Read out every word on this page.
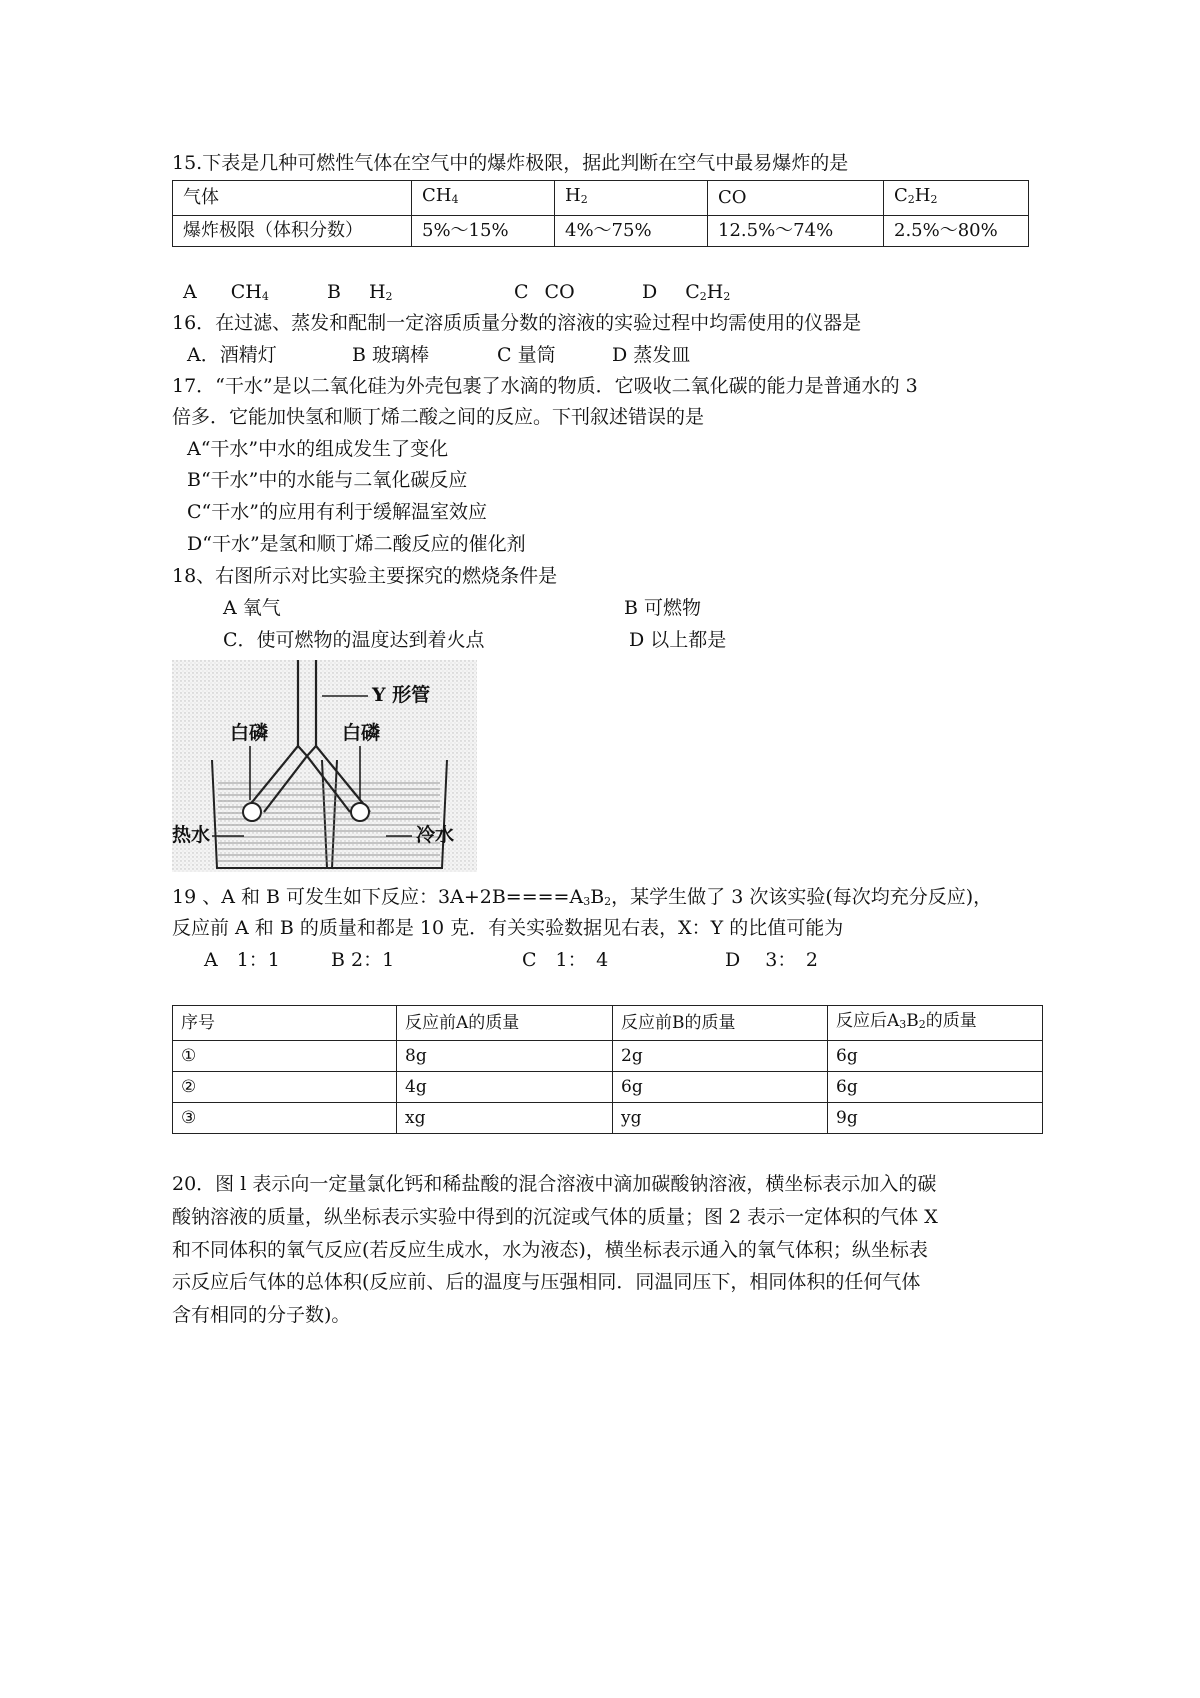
15.下表是几种可燃性气体在空气中的爆炸极限，据此判断在空气中最易爆炸的是
气体	$CH_4$	$H_2$	CO	$C_2H_2$
爆炸极限（体积分数）	5%～15%	4%～75%	12.5%～74%	2.5%～80%
A $CH_4$	B $H_2$	C CO	D $C_2H_2$
16．在过滤、蒸发和配制一定溶质质量分数的溶液的实验过程中均需使用的仪器是
A．酒精灯	B 玻璃棒	C 量筒	D 蒸发皿
17．“干水”是以二氧化硅为外壳包裹了水滴的物质．它吸收二氧化碳的能力是普通水的 3
倍多．它能加快氢和顺丁烯二酸之间的反应。下刊叙述错误的是
A“干水”中水的组成发生了变化
B“干水”中的水能与二氧化碳反应
C“干水”的应用有利于缓解温室效应
D“干水”是氢和顺丁烯二酸反应的催化剂
18、右图所示对比实验主要探究的燃烧条件是
A 氧气	B 可燃物
C．使可燃物的温度达到着火点	D 以上都是
Y 形管
白磷	白磷
热水	冷水
19 、A 和 B 可发生如下反应：$3A+2B====A_3B_2$，某学生做了 3 次该实验(每次均充分反应)，
反应前 A 和 B 的质量和都是 10 克．有关实验数据见右表，X：Y 的比值可能为
A　1：1	B 2：1	C　1：　4	D　 3：　2
序号	反应前A的质量	反应前B的质量	反应后$A_3B_2$的质量
①	8g	2g	6g
②	4g	6g	6g
③	xg	yg	9g
20．图 l 表示向一定量氯化钙和稀盐酸的混合溶液中滴加碳酸钠溶液，横坐标表示加入的碳
酸钠溶液的质量，纵坐标表示实验中得到的沉淀或气体的质量；图 2 表示一定体积的气体 X
和不同体积的氧气反应(若反应生成水，水为液态)，横坐标表示通入的氧气体积；纵坐标表
示反应后气体的总体积(反应前、后的温度与压强相同．同温同压下，相同体积的任何气体
含有相同的分子数)。
